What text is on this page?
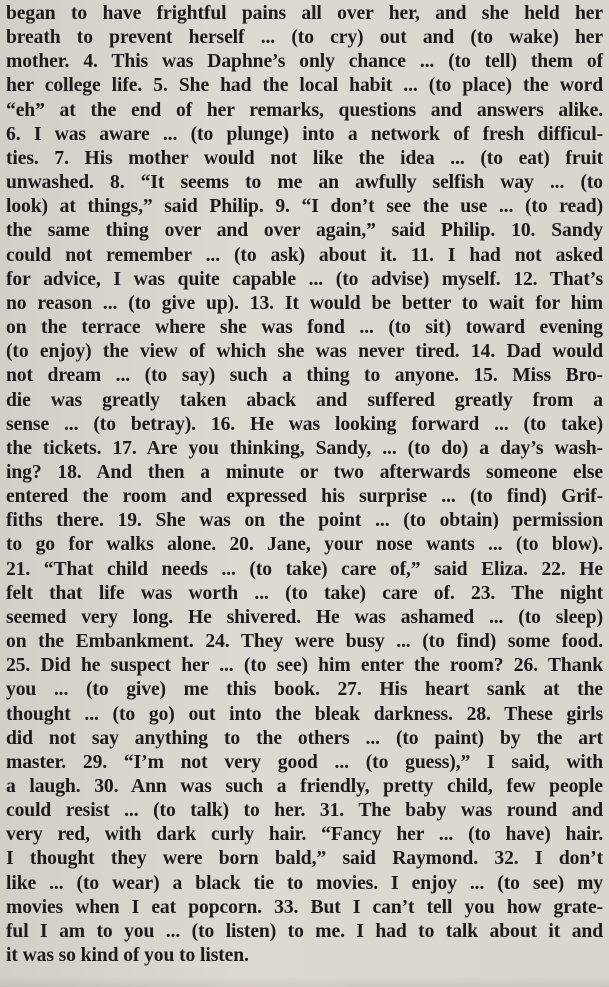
began to have frightful pains all over her, and she held her
breath to prevent herself ... (to cry) out and (to wake) her
mother. 4. This was Daphne’s only chance ... (to tell) them of
her college life. 5. She had the local habit ... (to place) the word
“eh” at the end of her remarks, questions and answers alike.
6. I was aware ... (to plunge) into a network of fresh difficul-
ties. 7. His mother would not like the idea ... (to eat) fruit
unwashed. 8. “It seems to me an awfully selfish way ... (to
look) at things,” said Philip. 9. “I don’t see the use ... (to read)
the same thing over and over again,” said Philip. 10. Sandy
could not remember ... (to ask) about it. 11. I had not asked
for advice, I was quite capable ... (to advise) myself. 12. That’s
no reason ... (to give up). 13. It would be better to wait for him
on the terrace where she was fond ... (to sit) toward evening
(to enjoy) the view of which she was never tired. 14. Dad would
not dream ... (to say) such a thing to anyone. 15. Miss Bro-
die was greatly taken aback and suffered greatly from a
sense ... (to betray). 16. He was looking forward ... (to take)
the tickets. 17. Are you thinking, Sandy, ... (to do) a day’s wash-
ing? 18. And then a minute or two afterwards someone else
entered the room and expressed his surprise ... (to find) Grif-
fiths there. 19. She was on the point ... (to obtain) permission
to go for walks alone. 20. Jane, your nose wants ... (to blow).
21. “That child needs ... (to take) care of,” said Eliza. 22. He
felt that life was worth ... (to take) care of. 23. The night
seemed very long. He shivered. He was ashamed ... (to sleep)
on the Embankment. 24. They were busy ... (to find) some food.
25. Did he suspect her ... (to see) him enter the room? 26. Thank
you ... (to give) me this book. 27. His heart sank at the
thought ... (to go) out into the bleak darkness. 28. These girls
did not say anything to the others ... (to paint) by the art
master. 29. “I’m not very good ... (to guess),” I said, with
a laugh. 30. Ann was such a friendly, pretty child, few people
could resist ... (to talk) to her. 31. The baby was round and
very red, with dark curly hair. “Fancy her ... (to have) hair.
I thought they were born bald,” said Raymond. 32. I don’t
like ... (to wear) a black tie to movies. I enjoy ... (to see) my
movies when I eat popcorn. 33. But I can’t tell you how grate-
ful I am to you ... (to listen) to me. I had to talk about it and
it was so kind of you to listen.
